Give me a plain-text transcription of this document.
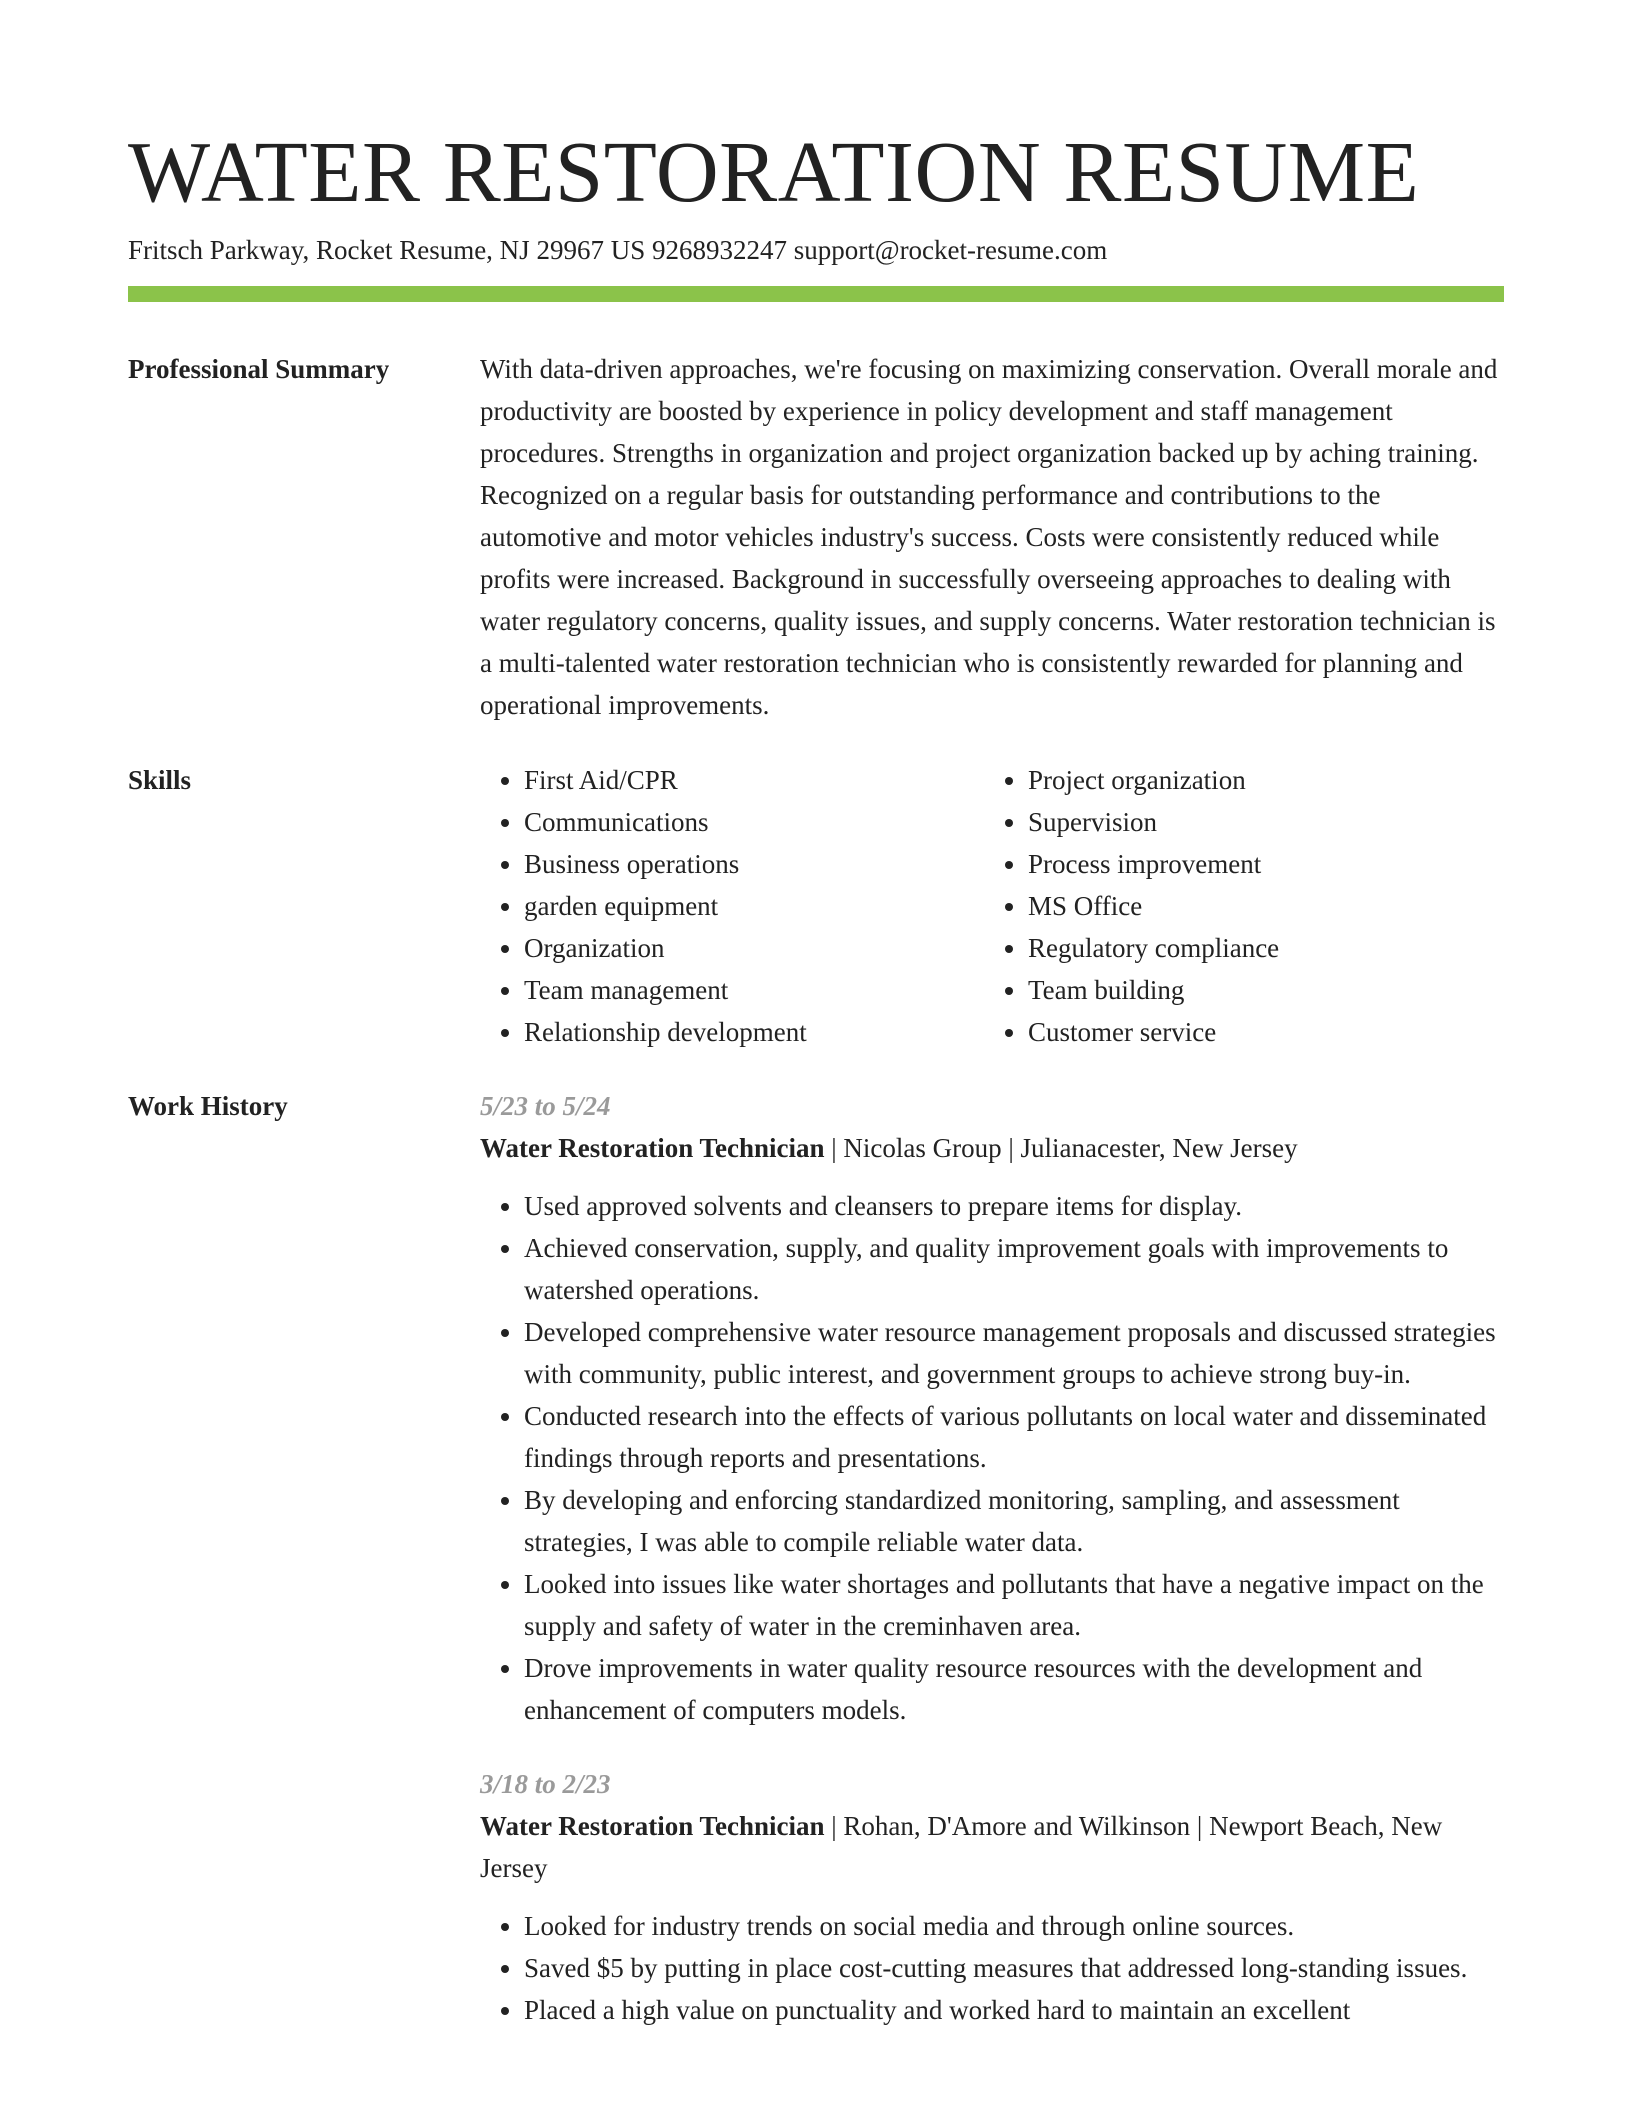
WATER RESTORATION RESUME
Fritsch Parkway, Rocket Resume, NJ 29967 US 9268932247 support@rocket-resume.com
Professional Summary	With data-driven approaches, we're focusing on maximizing conservation. Overall morale and productivity are boosted by experience in policy development and staff management procedures. Strengths in organization and project organization backed up by aching training. Recognized on a regular basis for outstanding performance and contributions to the automotive and motor vehicles industry's success. Costs were consistently reduced while profits were increased. Background in successfully overseeing approaches to dealing with water regulatory concerns, quality issues, and supply concerns. Water restoration technician is a multi-talented water restoration technician who is consistently rewarded for planning and operational improvements.

Skills
•	First Aid/CPR
• Communications
• Business operations
• garden equipment
• Organization
• Team management
• Relationship development
• Project organization
• Supervision
• Process improvement
• MS Office
• Regulatory compliance
• Team building
• Customer service
Work History	5/23 to 5/24
Water Restoration Technician | Nicolas Group | Julianacester, New Jersey
• Used approved solvents and cleansers to prepare items for display.
• Achieved conservation, supply, and quality improvement goals with improvements to watershed operations.
• Developed comprehensive water resource management proposals and discussed strategies with community, public interest, and government groups to achieve strong buy-in.
• Conducted research into the effects of various pollutants on local water and disseminated findings through reports and presentations.
• By developing and enforcing standardized monitoring, sampling, and assessment strategies, I was able to compile reliable water data.
• Looked into issues like water shortages and pollutants that have a negative impact on the supply and safety of water in the creminhaven area.
• Drove improvements in water quality resource resources with the development and enhancement of computers models.
3/18 to 2/23
Water Restoration Technician | Rohan, D'Amore and Wilkinson | Newport Beach, New Jersey
• Looked for industry trends on social media and through online sources.
• Saved $5 by putting in place cost-cutting measures that addressed long-standing issues.
• Placed a high value on punctuality and worked hard to maintain an excellent
